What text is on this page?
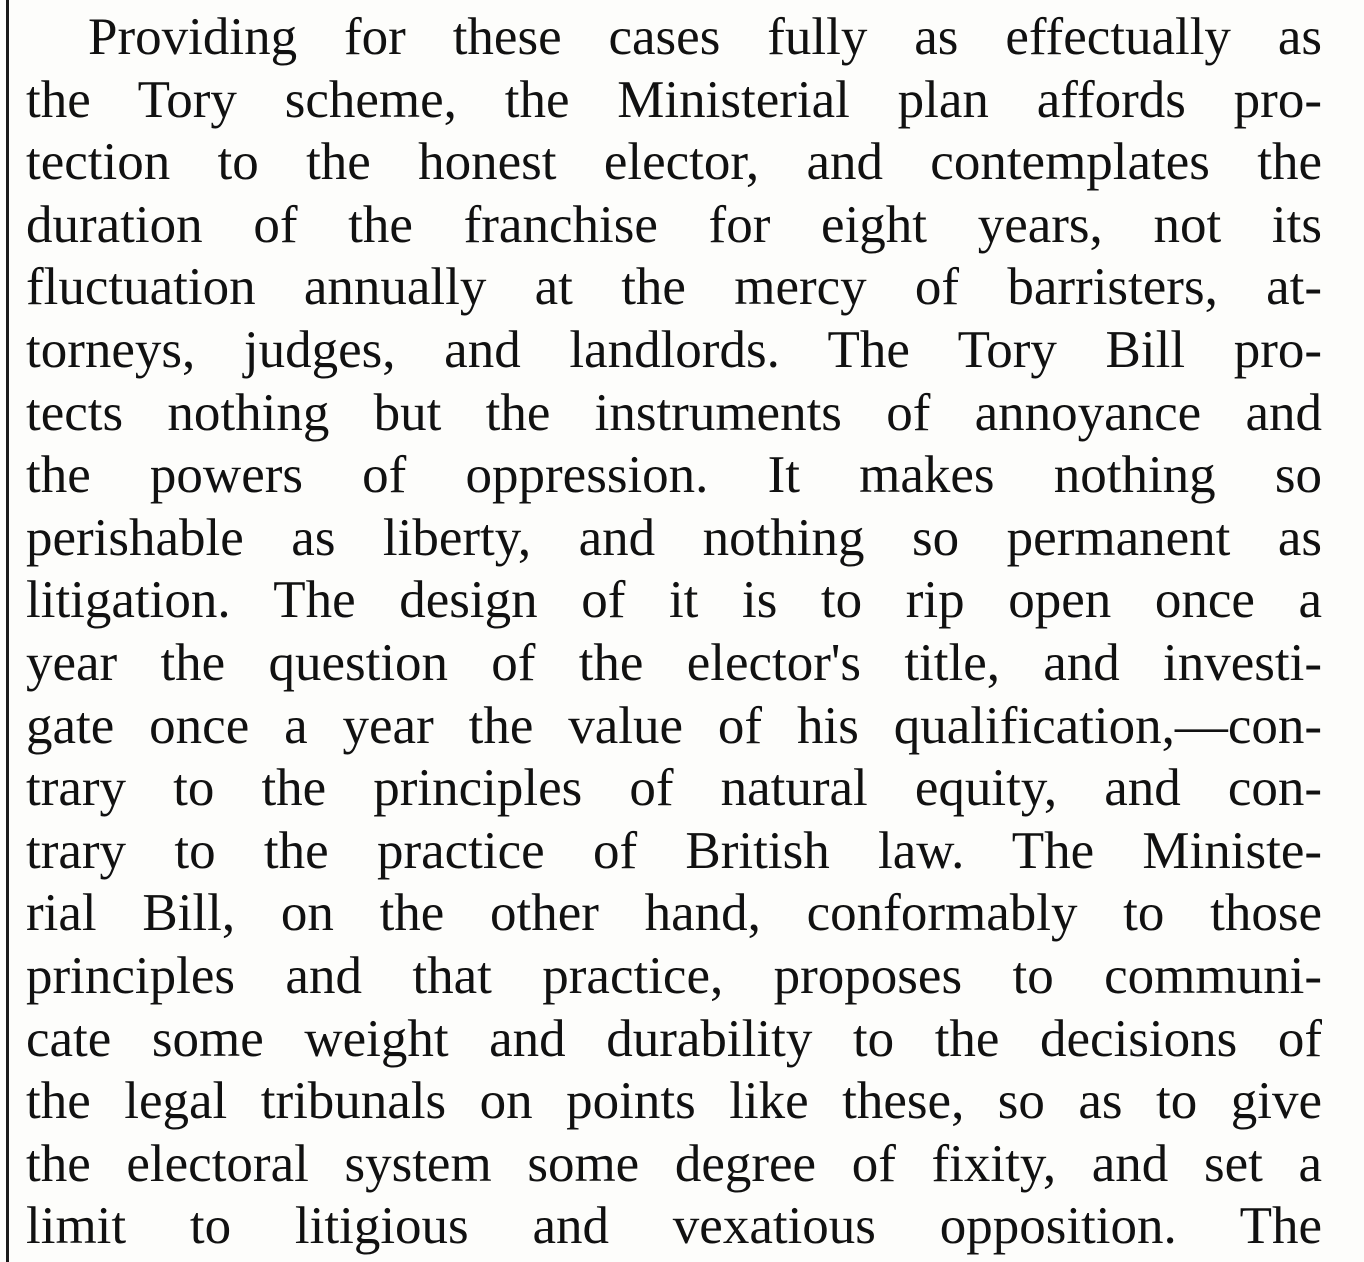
Providing for these cases fully as effectually as
the Tory scheme, the Ministerial plan affords pro-
tection to the honest elector, and contemplates the
duration of the franchise for eight years, not its
fluctuation annually at the mercy of barristers, at-
torneys, judges, and landlords. The Tory Bill pro-
tects nothing but the instruments of annoyance and
the powers of oppression. It makes nothing so
perishable as liberty, and nothing so permanent as
litigation. The design of it is to rip open once a
year the question of the elector's title, and investi-
gate once a year the value of his qualification,—con-
trary to the principles of natural equity, and con-
trary to the practice of British law. The Ministe-
rial Bill, on the other hand, conformably to those
principles and that practice, proposes to communi-
cate some weight and durability to the decisions of
the legal tribunals on points like these, so as to give
the electoral system some degree of fixity, and set a
limit to litigious and vexatious opposition. The
